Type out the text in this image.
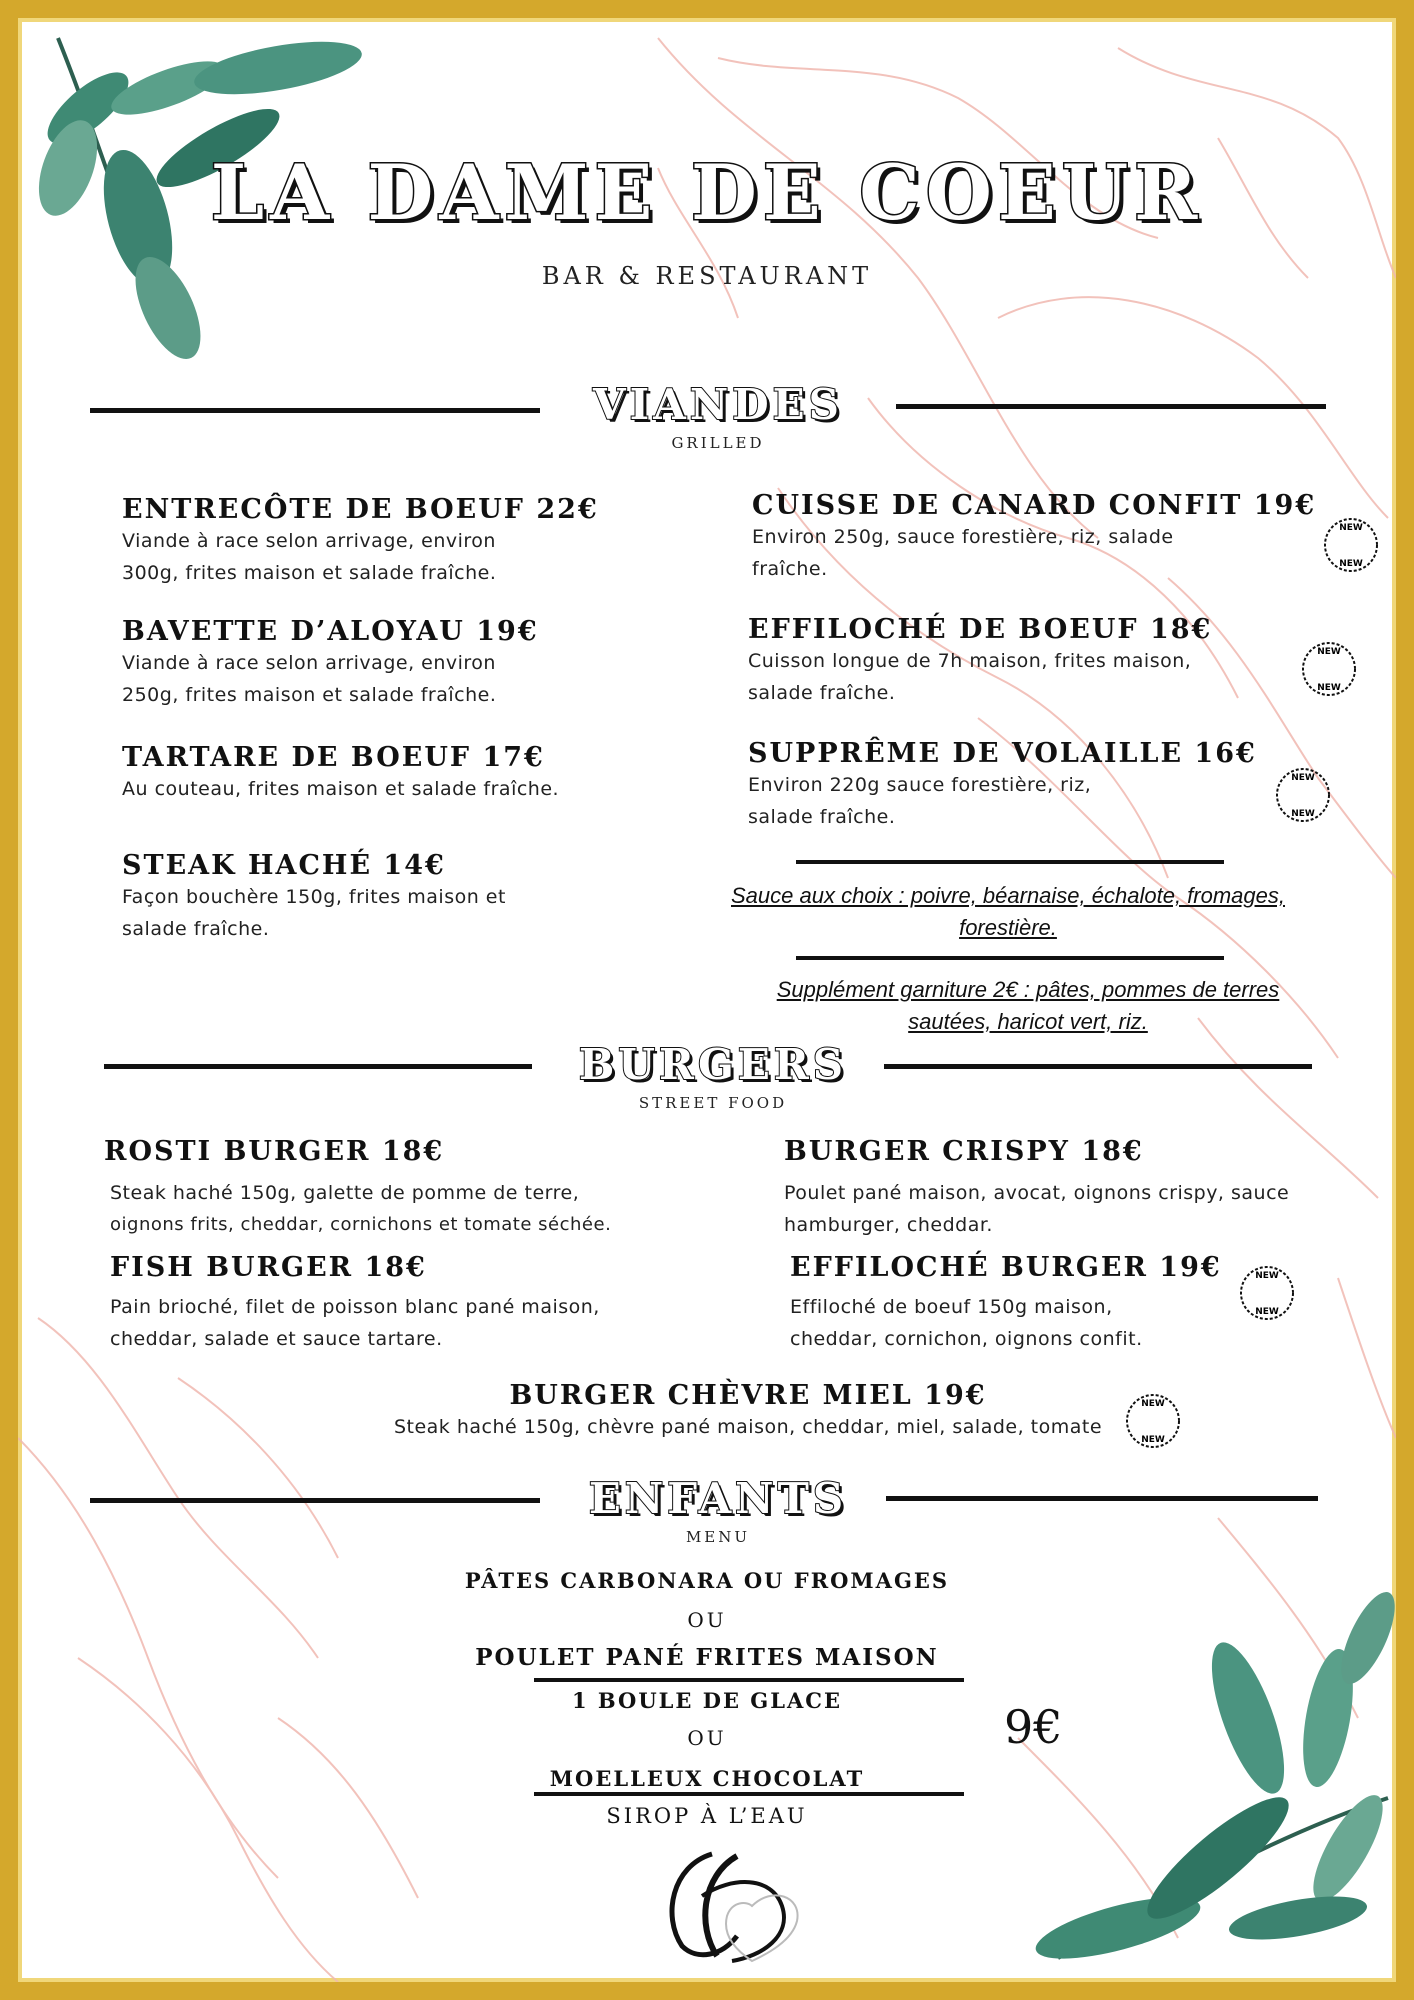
LA DAME DE COEUR
BAR & RESTAURANT
VIANDES
GRILLED
ENTRECÔTE DE BOEUF 22€
Viande à race selon arrivage, environ
300g, frites maison et salade fraîche.
BAVETTE D’ALOYAU 19€
Viande à race selon arrivage, environ
250g, frites maison et salade fraîche.
TARTARE DE BOEUF 17€
Au couteau, frites maison et salade fraîche.
STEAK HACHÉ 14€
Façon bouchère 150g, frites maison et
salade fraîche.
CUISSE DE CANARD CONFIT 19€
Environ 250g, sauce forestière, riz, salade
fraîche.
EFFILOCHÉ DE BOEUF 18€
Cuisson longue de 7h maison, frites maison,
salade fraîche.
SUPPRÊME DE VOLAILLE 16€
Environ 220g sauce forestière, riz,
salade fraîche.
Sauce aux choix : poivre, béarnaise, échalote, fromages,
forestière.
Supplément garniture 2€ : pâtes, pommes de terres
sautées, haricot vert, riz.
BURGERS
STREET FOOD
ROSTI BURGER 18€
Steak haché 150g, galette de pomme de terre,
oignons frits, cheddar, cornichons et tomate séchée.
BURGER CRISPY 18€
Poulet pané maison, avocat, oignons crispy, sauce
hamburger, cheddar.
FISH BURGER 18€
Pain brioché, filet de poisson blanc pané maison,
cheddar, salade et sauce tartare.
EFFILOCHÉ BURGER 19€
Effiloché de boeuf 150g maison,
cheddar, cornichon, oignons confit.
BURGER CHÈVRE MIEL 19€
Steak haché 150g, chèvre pané maison, cheddar, miel, salade, tomate
ENFANTS
MENU
PÂTES CARBONARA OU FROMAGES
OU
POULET PANÉ FRITES MAISON
1 BOULE DE GLACE
OU
MOELLEUX CHOCOLAT
SIROP À L’EAU
9€
NEW
NEW
NEW
NEW
NEW
NEW
NEW
NEW
NEW
NEW
